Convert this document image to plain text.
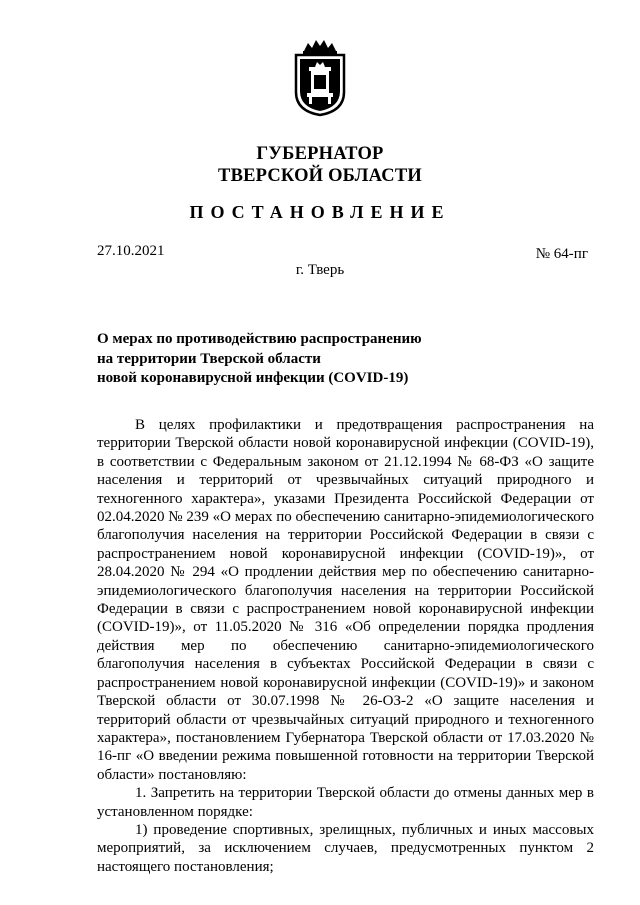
ГУБЕРНАТОР
ТВЕРСКОЙ ОБЛАСТИ
ПОСТАНОВЛЕНИЕ
27.10.2021	№ 64-пг
г. Тверь
О мерах по противодействию распространению
на территории Тверской области
новой коронавирусной инфекции (COVID-19)

В целях профилактики и предотвращения распространения на территории Тверской области новой коронавирусной инфекции (COVID-19), в соответствии с Федеральным законом от 21.12.1994 № 68-ФЗ «О защите населения и территорий от чрезвычайных ситуаций природного и техногенного характера», указами Президента Российской Федерации от 02.04.2020 № 239 «О мерах по обеспечению санитарно-эпидемиологического благополучия населения на территории Российской Федерации в связи с распространением новой коронавирусной инфекции (COVID-19)», от 28.04.2020 № 294 «О продлении действия мер по обеспечению санитарно-эпидемиологического благополучия населения на территории Российской Федерации в связи с распространением новой коронавирусной инфекции (COVID-19)», от 11.05.2020 № 316 «Об определении порядка продления действия мер по обеспечению санитарно-эпидемиологического благополучия населения в субъектах Российской Федерации в связи с распространением новой коронавирусной инфекции (COVID-19)» и законом Тверской области от 30.07.1998 № 26-ОЗ-2 «О защите населения и территорий области от чрезвычайных ситуаций природного и техногенного характера», постановлением Губернатора Тверской области от 17.03.2020 № 16-пг «О введении режима повышенной готовности на территории Тверской области» постановляю:

1. Запретить на территории Тверской области до отмены данных мер в установленном порядке:

1) проведение спортивных, зрелищных, публичных и иных массовых мероприятий, за исключением случаев, предусмотренных пунктом 2 настоящего постановления;
